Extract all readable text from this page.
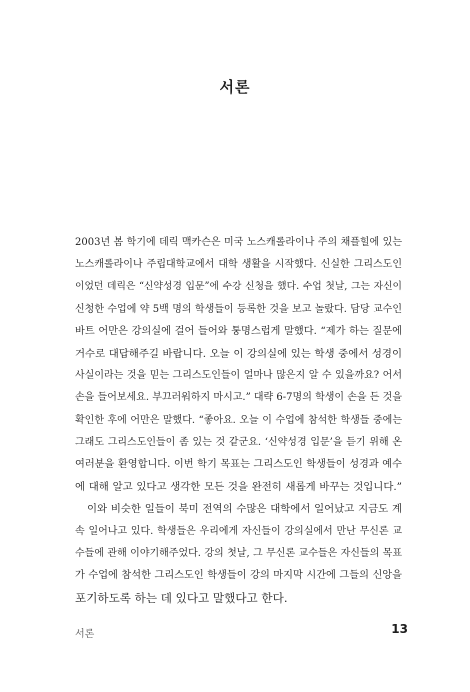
서론
2003년 봄 학기에 데릭 맥카슨은 미국 노스캐롤라이나 주의 채플힐에 있는
노스캐롤라이나 주립대학교에서 대학 생활을 시작했다. 신실한 그리스도인
이었던 데릭은 “신약성경 입문”에 수강 신청을 했다. 수업 첫날, 그는 자신이
신청한 수업에 약 5백 명의 학생들이 등록한 것을 보고 놀랐다. 담당 교수인
바트 어만은 강의실에 걸어 들어와 퉁명스럽게 말했다. “제가 하는 질문에
거수로 대답해주길 바랍니다. 오늘 이 강의실에 있는 학생 중에서 성경이
사실이라는 것을 믿는 그리스도인들이 얼마나 많은지 알 수 있을까요? 어서
손을 들어보세요. 부끄러워하지 마시고.” 대략 6-7명의 학생이 손을 든 것을
확인한 후에 어만은 말했다. “좋아요. 오늘 이 수업에 참석한 학생들 중에는
그래도 그리스도인들이 좀 있는 것 같군요. ‘신약성경 입문’을 듣기 위해 온
여러분을 환영합니다. 이번 학기 목표는 그리스도인 학생들이 성경과 예수
에 대해 알고 있다고 생각한 모든 것을 완전히 새롭게 바꾸는 것입니다.”
이와 비슷한 일들이 북미 전역의 수많은 대학에서 일어났고 지금도 계
속 일어나고 있다. 학생들은 우리에게 자신들이 강의실에서 만난 무신론 교
수들에 관해 이야기해주었다. 강의 첫날, 그 무신론 교수들은 자신들의 목표
가 수업에 참석한 그리스도인 학생들이 강의 마지막 시간에 그들의 신앙을
포기하도록 하는 데 있다고 말했다고 한다.
서론	13
